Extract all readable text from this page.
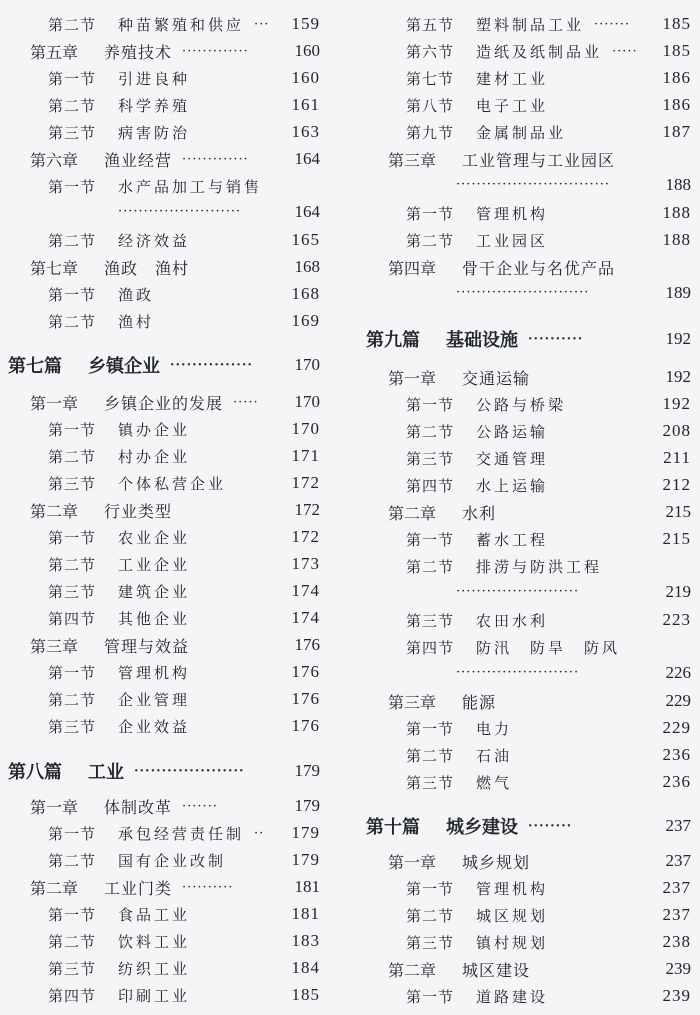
第二节 种苗繁殖和供应 ··· 159
第五章 养殖技术 ·············	160
第一节 引进良种	160
第二节 科学养殖	161
第三节 病害防治	163
第六章 渔业经营 ·············	164
第一节 水产品加工与销售
························	164
第二节 经济效益	165
第七章 渔政　渔村	168
第一节 渔政	168
第二节 渔村	169
第七篇 乡镇企业 ··············· 170
第一章 乡镇企业的发展 ····· 170
第一节 镇办企业	170
第二节 村办企业	171
第三节 个体私营企业	172
第二章 行业类型	172
第一节 农业企业	172
第二节 工业企业	173
第三节 建筑企业	174
第四节 其他企业	174
第三章 管理与效益	176
第一节 管理机构	176
第二节 企业管理	176
第三节 企业效益	176
第八篇 工业 ····················	179
第一章 体制改革 ·······	179
第一节 承包经营责任制 ·· 179
第二节 国有企业改制	179
第二章 工业门类 ··········	181
第一节 食品工业	181
第二节 饮料工业	183
第三节 纺织工业	184
第四节 印刷工业	185
第五节 塑料制品工业 ······· 185
第六节 造纸及纸制品业 ····· 185
第七节 建材工业	186
第八节 电子工业	186
第九节 金属制品业	187
第三章 工业管理与工业园区
······························	188
第一节 管理机构	188
第二节 工业园区	188
第四章 骨干企业与名优产品
··························	189
第九篇 基础设施 ··········	192
第一章 交通运输	192
第一节 公路与桥梁	192
第二节 公路运输	208
第三节 交通管理	211
第四节 水上运输	212
第二章 水利	215
第一节 蓄水工程	215
第二节 排涝与防洪工程
························	219
第三节 农田水利	223
第四节 防汛　防旱　防风
························	226
第三章 能源	229
第一节 电力	229
第二节 石油	236
第三节 燃气	236
第十篇 城乡建设 ········	237
第一章 城乡规划	237
第一节 管理机构	237
第二节 城区规划	237
第三节 镇村规划	238
第二章 城区建设	239
第一节 道路建设	239
